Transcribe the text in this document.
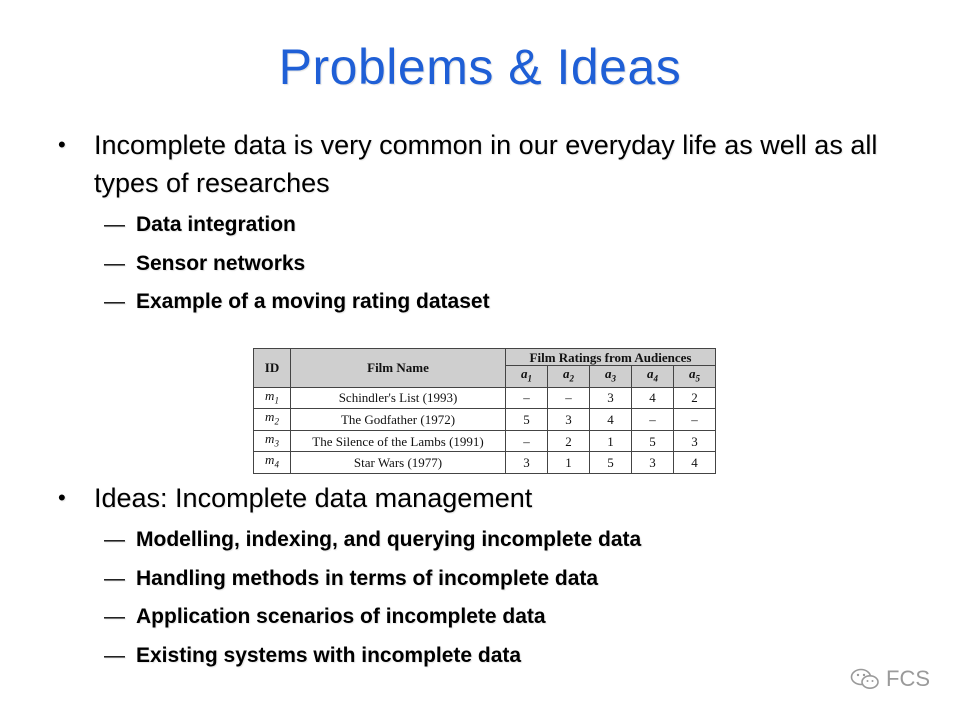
Problems & Ideas
•	Incomplete data is very common in our everyday life as well as all types of researches
— Data integration
— Sensor networks
— Example of a moving rating dataset
ID	Film Name	Film Ratings from Audiences				
		$a_1$	$a_2$	$a_3$	$a_4$	$a_5$
$m_1$	Schindler's List (1993)	–	–	3	4	2
$m_2$	The Godfather (1972)	5	3	4	–	–
$m_3$	The Silence of the Lambs (1991)	–	2	1	5	3
$m_4$	Star Wars (1977)	3	1	5	3	4
•	Ideas: Incomplete data management
— Modelling, indexing, and querying incomplete data
— Handling methods in terms of incomplete data
— Application scenarios of incomplete data
— Existing systems with incomplete data
FCS
